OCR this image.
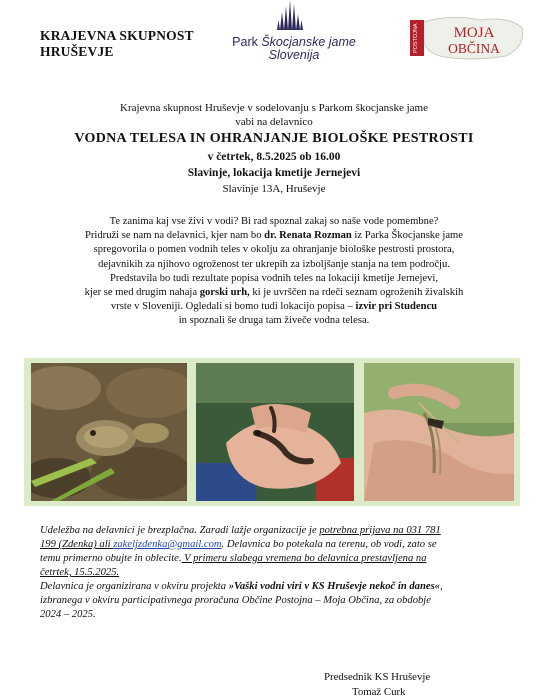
KRAJEVNA SKUPNOST
HRUŠEVJE
Park Škocjanske jame
Slovenija
POSTOJNA MOJA
OBČINA
Krajevna skupnost Hruševje v sodelovanju s Parkom škocjanske jame
vabi na delavnico
VODNA TELESA IN OHRANJANJE BIOLOŠKE PESTROSTI
v četrtek, 8.5.2025 ob 16.00
Slavinje, lokacija kmetije Jernejevi
Slavinje 13A, Hruševje
Te zanima kaj vse živi v vodi? Bi rad spoznal zakaj so naše vode pomembne?
Pridruži se nam na delavnici, kjer nam bo dr. Renata Rozman iz Parka Škocjanske jame
spregovorila o pomen vodnih teles v okolju za ohranjanje biološke pestrosti prostora,
dejavnikih za njihovo ogroženost ter ukrepih za izboljšanje stanja na tem področju.
Predstavila bo tudi rezultate popisa vodnih teles na lokaciji kmetije Jernejevi,
kjer se med drugim nahaja gorski urh, ki je uvrščen na rdeči seznam ogroženih živalskih
vrste v Sloveniji. Ogledali si bomo tudi lokacijo popisa – izvir pri Studencu
in spoznali še druga tam živeče vodna telesa.
Udeležba na delavnici je brezplačna. Zaradi lažje organizacije je potrebna prijava na 031 781
199 (Zdenka) ali zakeljzdenka@gmail.com. Delavnica bo potekala na terenu, ob vodi, zato se
temu primerno obujte in oblecite. V primeru slabega vremena bo delavnica prestavljena na
četrtek, 15.5.2025.
Delavnica je organizirana v okviru projekta »Vaški vodni viri v KS Hruševje nekoč in danes«,
izbranega v okviru participativnega proračuna Občine Postojna – Moja Občina, za obdobje
2024 – 2025.
Predsednik KS Hruševje
Tomaž Curk
